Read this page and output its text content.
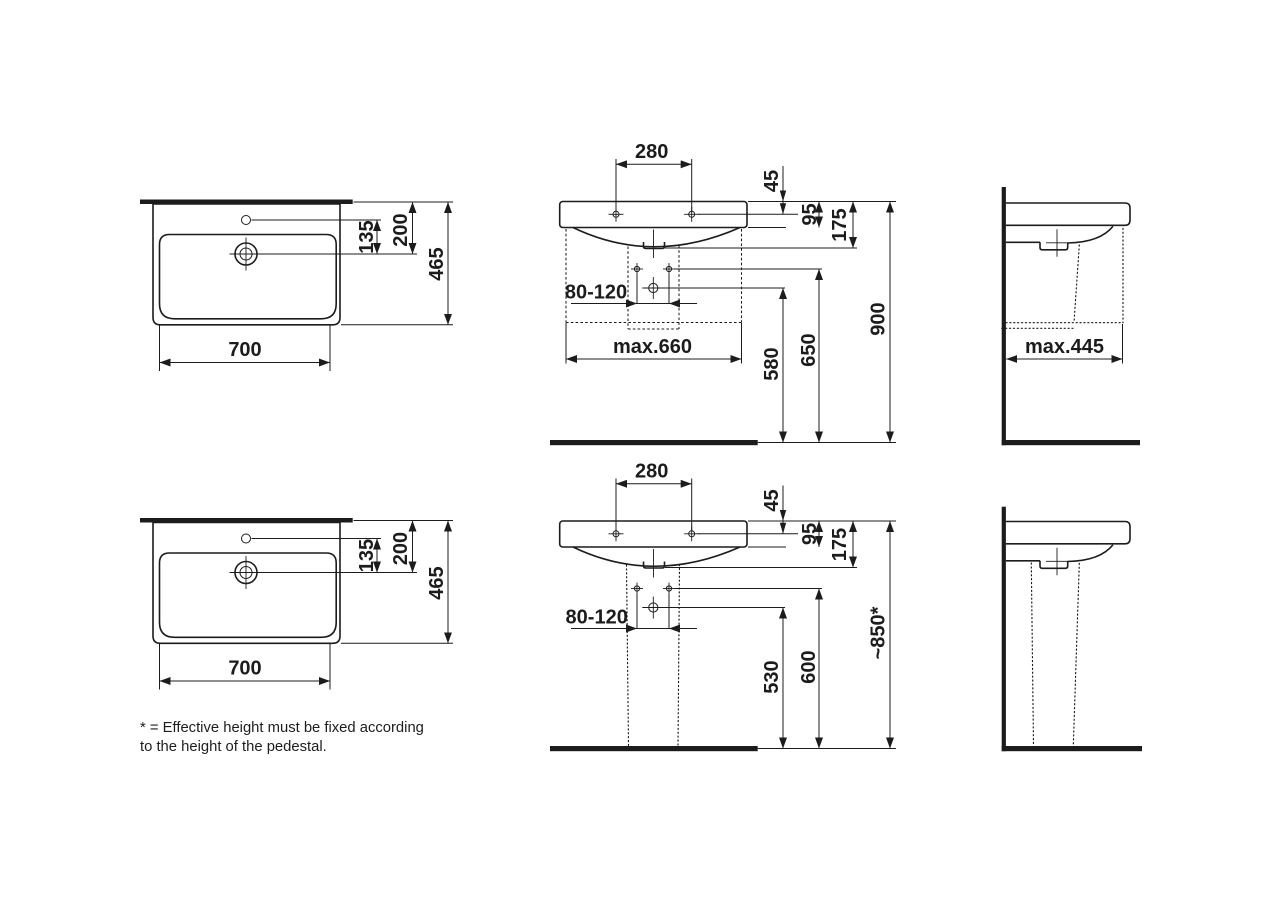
135 200
465
700
135 200
465
700
280
80-120
max.660
45
95 175
900
650
580
280
80-120
45
95 175
~850*
600
530
max.445
* = Effective height must be fixed according
to the height of the pedestal.
